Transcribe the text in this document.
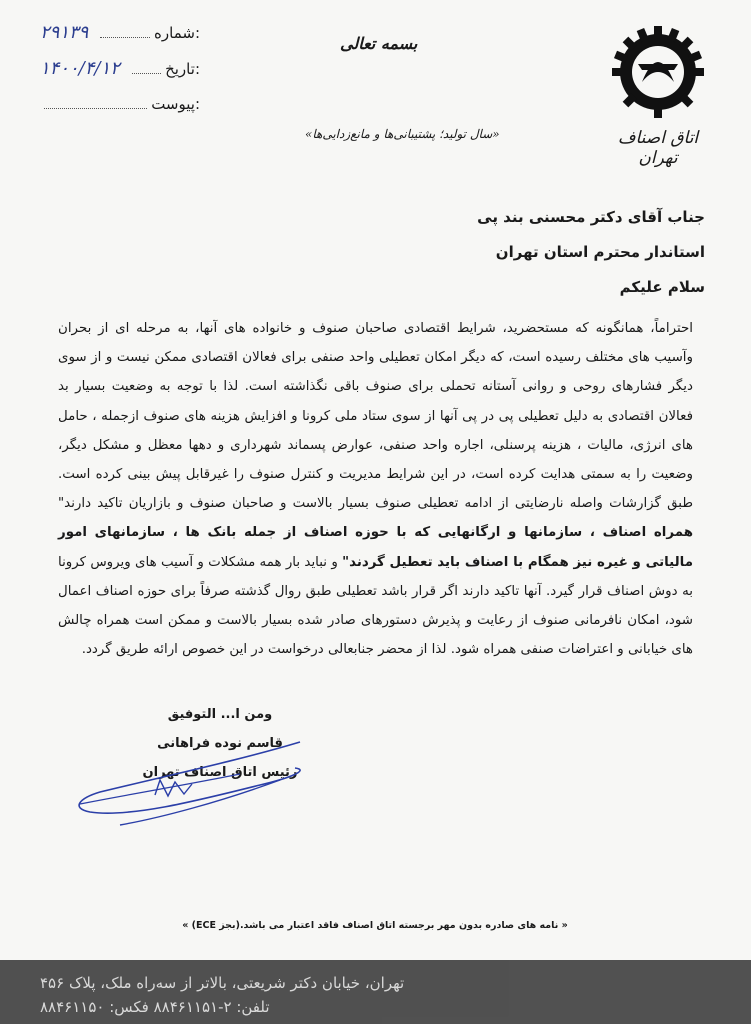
شماره:
۲۹۱۳۹
تاریخ:
۱۴۰۰/۴/۱۲
پیوست:
بسمه تعالی
«سال تولید؛ پشتیبانی‌ها و مانع‌زدایی‌ها»	اتاق اصناف تهران
جناب آقای دکتر محسنی بند پی
استاندار محترم استان تهران
سلام علیکم
احتراماً، همانگونه که مستحضرید، شرایط اقتصادی صاحبان صنوف و خانواده های آنها، به مرحله ای از بحران وآسیب های مختلف رسیده است، که دیگر امکان تعطیلی واحد صنفی برای فعالان اقتصادی ممکن نیست و از سوی دیگر فشارهای روحی و روانی آستانه تحملی برای صنوف باقی نگذاشته است. لذا با توجه به وضعیت بسیار بد فعالان اقتصادی به دلیل تعطیلی پی در پی آنها از سوی ستاد ملی کرونا و افزایش هزینه های صنوف ازجمله ، حامل های انرژی، مالیات ، هزینه پرسنلی، اجاره واحد صنفی، عوارض پسماند شهرداری و دهها معظل و مشکل دیگر، وضعیت را به سمتی هدایت کرده است، در این شرایط مدیریت و کنترل صنوف را غیرقابل پیش بینی کرده است. طبق گزارشات واصله نارضایتی از ادامه تعطیلی صنوف بسیار بالاست و صاحبان صنوف و بازاریان تاکید دارند" همراه اصناف ، سازمانها و ارگانهایی که با حوزه اصناف از جمله بانک ها ، سازمانهای امور مالیاتی و غیره نیز همگام با اصناف باید تعطیل گردند" و نباید بار همه مشکلات و آسیب های ویروس کرونا به دوش اصناف قرار گیرد. آنها تاکید دارند اگر قرار باشد تعطیلی طبق روال گذشته صرفاً برای حوزه اصناف اعمال شود، امکان نافرمانی صنوف از رعایت و پذیرش دستورهای صادر شده بسیار بالاست و ممکن است همراه چالش های خیابانی و اعتراضات صنفی همراه شود. لذا از محضر جنابعالی درخواست در این خصوص ارائه طریق گردد.
ومن ا... التوفیق
قاسم نوده فراهانی
رئیس اتاق اصناف تهران
« نامه های صادره بدون مهر برجسته اتاق اصناف فاقد اعتبار می باشد.(بجز ECE) »
تهران، خیابان دکتر شریعتی، بالاتر از سه‌راه ملک، پلاک ۴۵۶
تلفن: ۲-۸۸۴۶۱۱۵۱ فکس: ۸۸۴۶۱۱۵۰
